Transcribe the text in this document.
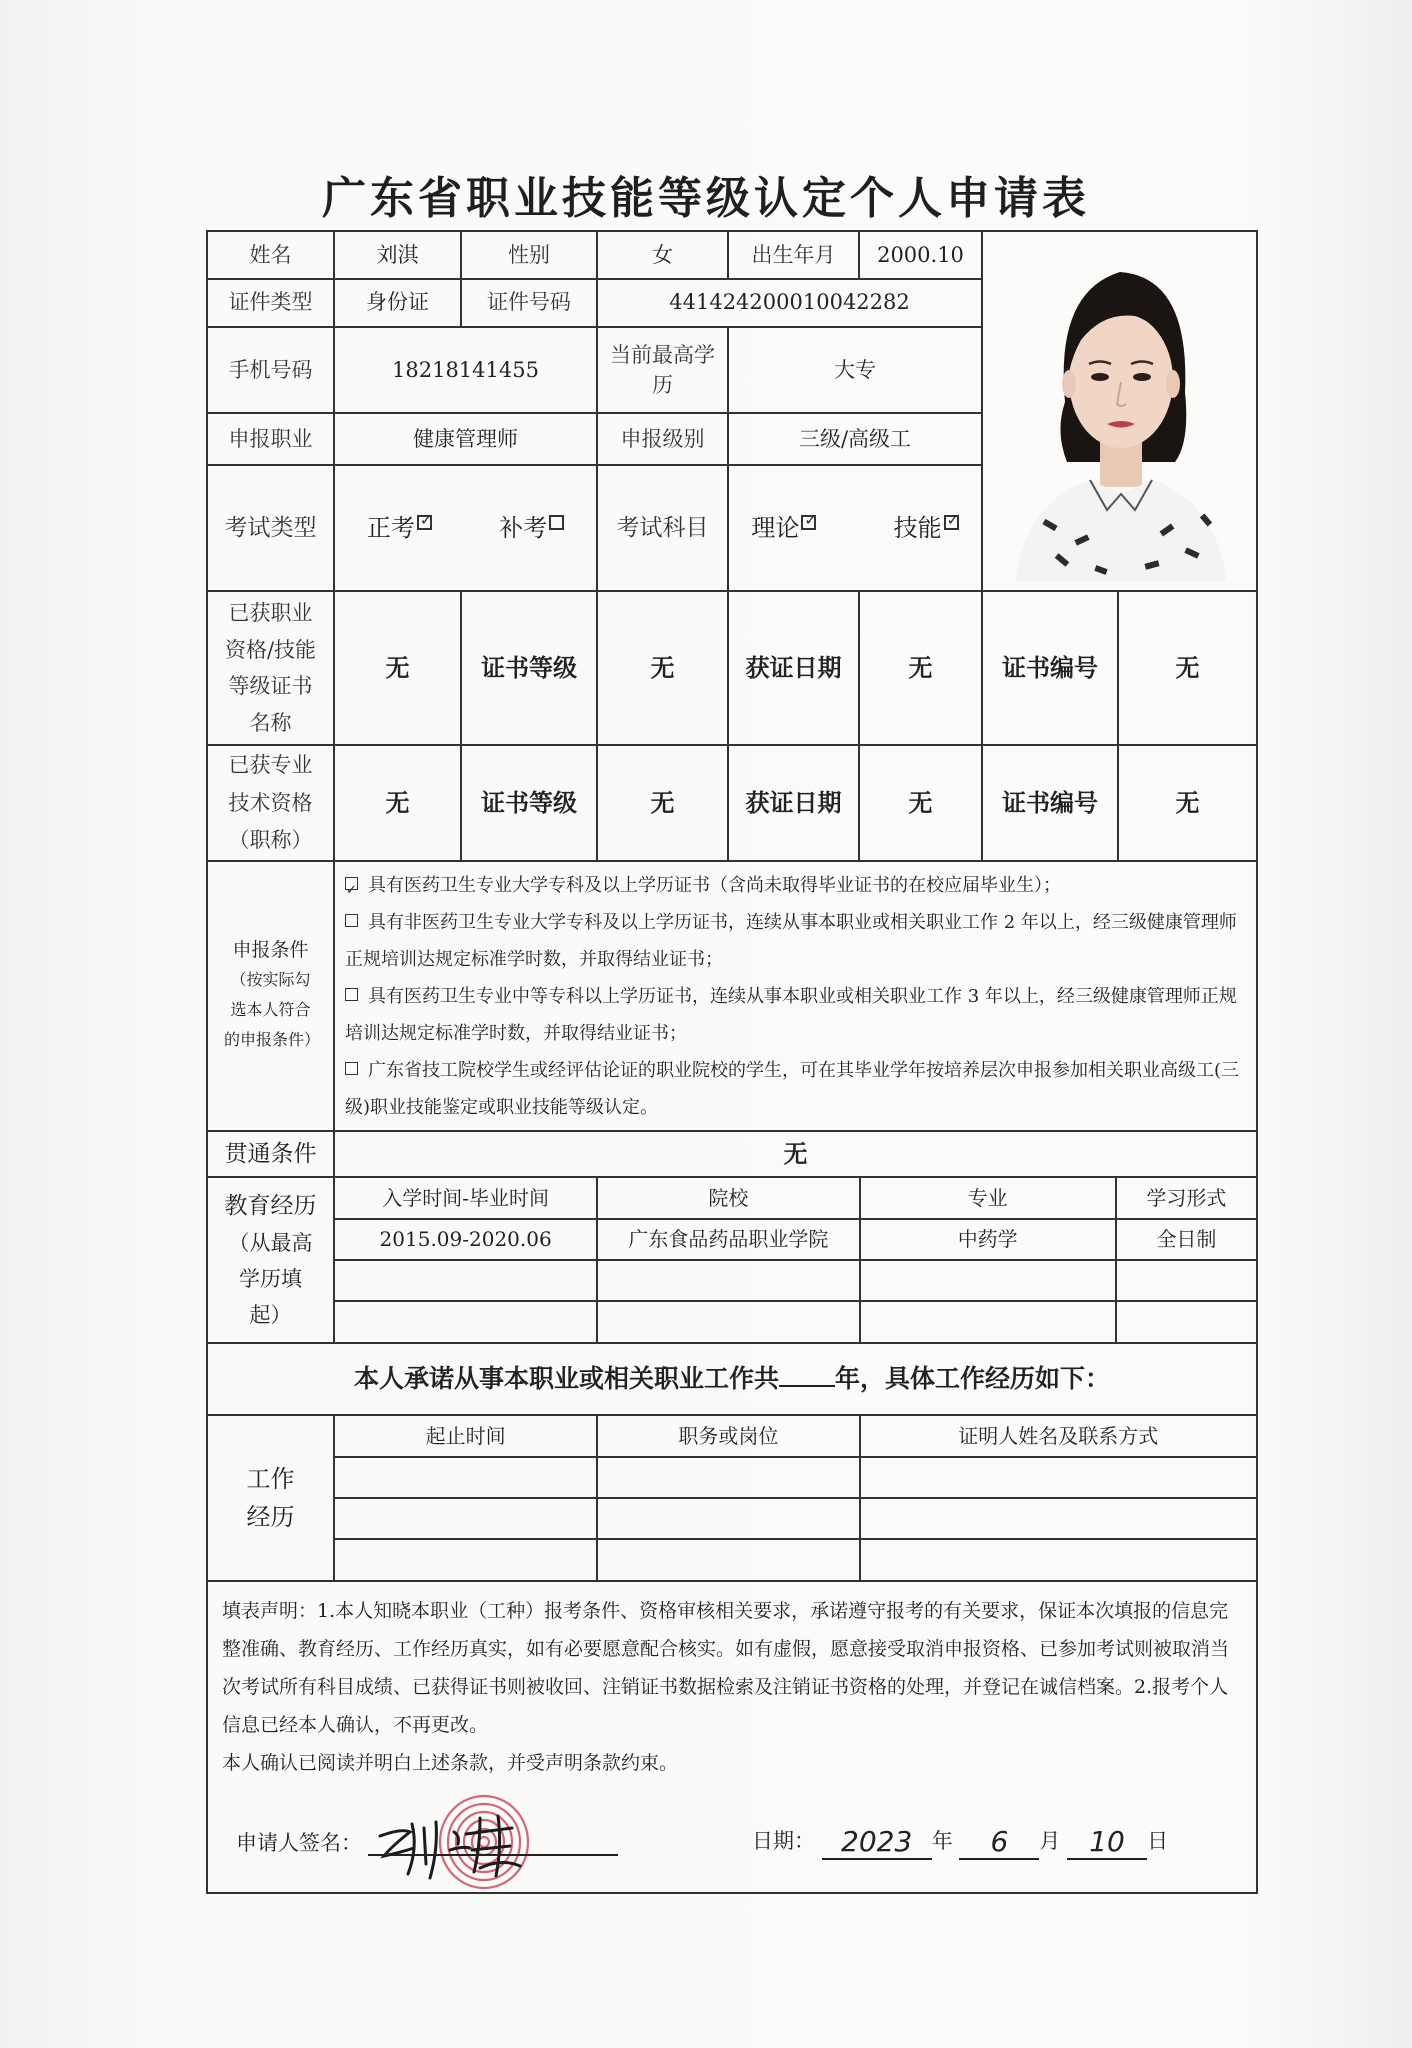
广东省职业技能等级认定个人申请表
姓名	刘淇	性别	女	出生年月	2000.10	
证件类型	身份证	证件号码	441424200010042282
手机号码	18218141455	当前最高学历	大专
申报职业	健康管理师	申报级别	三级/高级工
考试类型	正考 ✓	补考	考试科目	理论 ✓	技能✓
已获职业资格/技能等级证书名称	无	证书等级	无	获证日期	无	证书编号	无
已获专业技术资格（职称）	无	证书等级	无	获证日期	无	证书编号	无

申报条件
（按实际勾选本人符合的申报条件）

✓具有医药卫生专业大学专科及以上学历证书（含尚未取得毕业证书的在校应届毕业生）；

具有非医药卫生专业大学专科及以上学历证书，连续从事本职业或相关职业工作 2 年以上，经三级健康管理师正规培训达规定标准学时数，并取得结业证书；

具有医药卫生专业中等专科以上学历证书，连续从事本职业或相关职业工作 3 年以上，经三级健康管理师正规培训达规定标准学时数，并取得结业证书；

广东省技工院校学生或经评估论证的职业院校的学生，可在其毕业学年按培养层次申报参加相关职业高级工(三级)职业技能鉴定或职业技能等级认定。

贯通条件	无

教育经历
（从最高学历填起）

入学时间-毕业时间	院校	专业	学习形式
2015.09-2020.06	广东食品药品职业学院	中药学	全日制

本人承诺从事本职业或相关职业工作共 年，具体工作经历如下：
工作经历	
起止时间	职务或岗位	证明人姓名及联系方式

填表声明：1.本人知晓本职业（工种）报考条件、资格审核相关要求，承诺遵守报考的有关要求，保证本次填报的信息完整准确、教育经历、工作经历真实，如有必要愿意配合核实。如有虚假，愿意接受取消申报资格、已参加考试则被取消当次考试所有科目成绩、已获得证书则被收回、注销证书数据检索及注销证书资格的处理，并登记在诚信档案。2.报考个人信息已经本人确认，不再更改。
本人确认已阅读并明白上述条款，并受声明条款约束。
申请人签名：	日期： 2023 年 6 月 10 日
